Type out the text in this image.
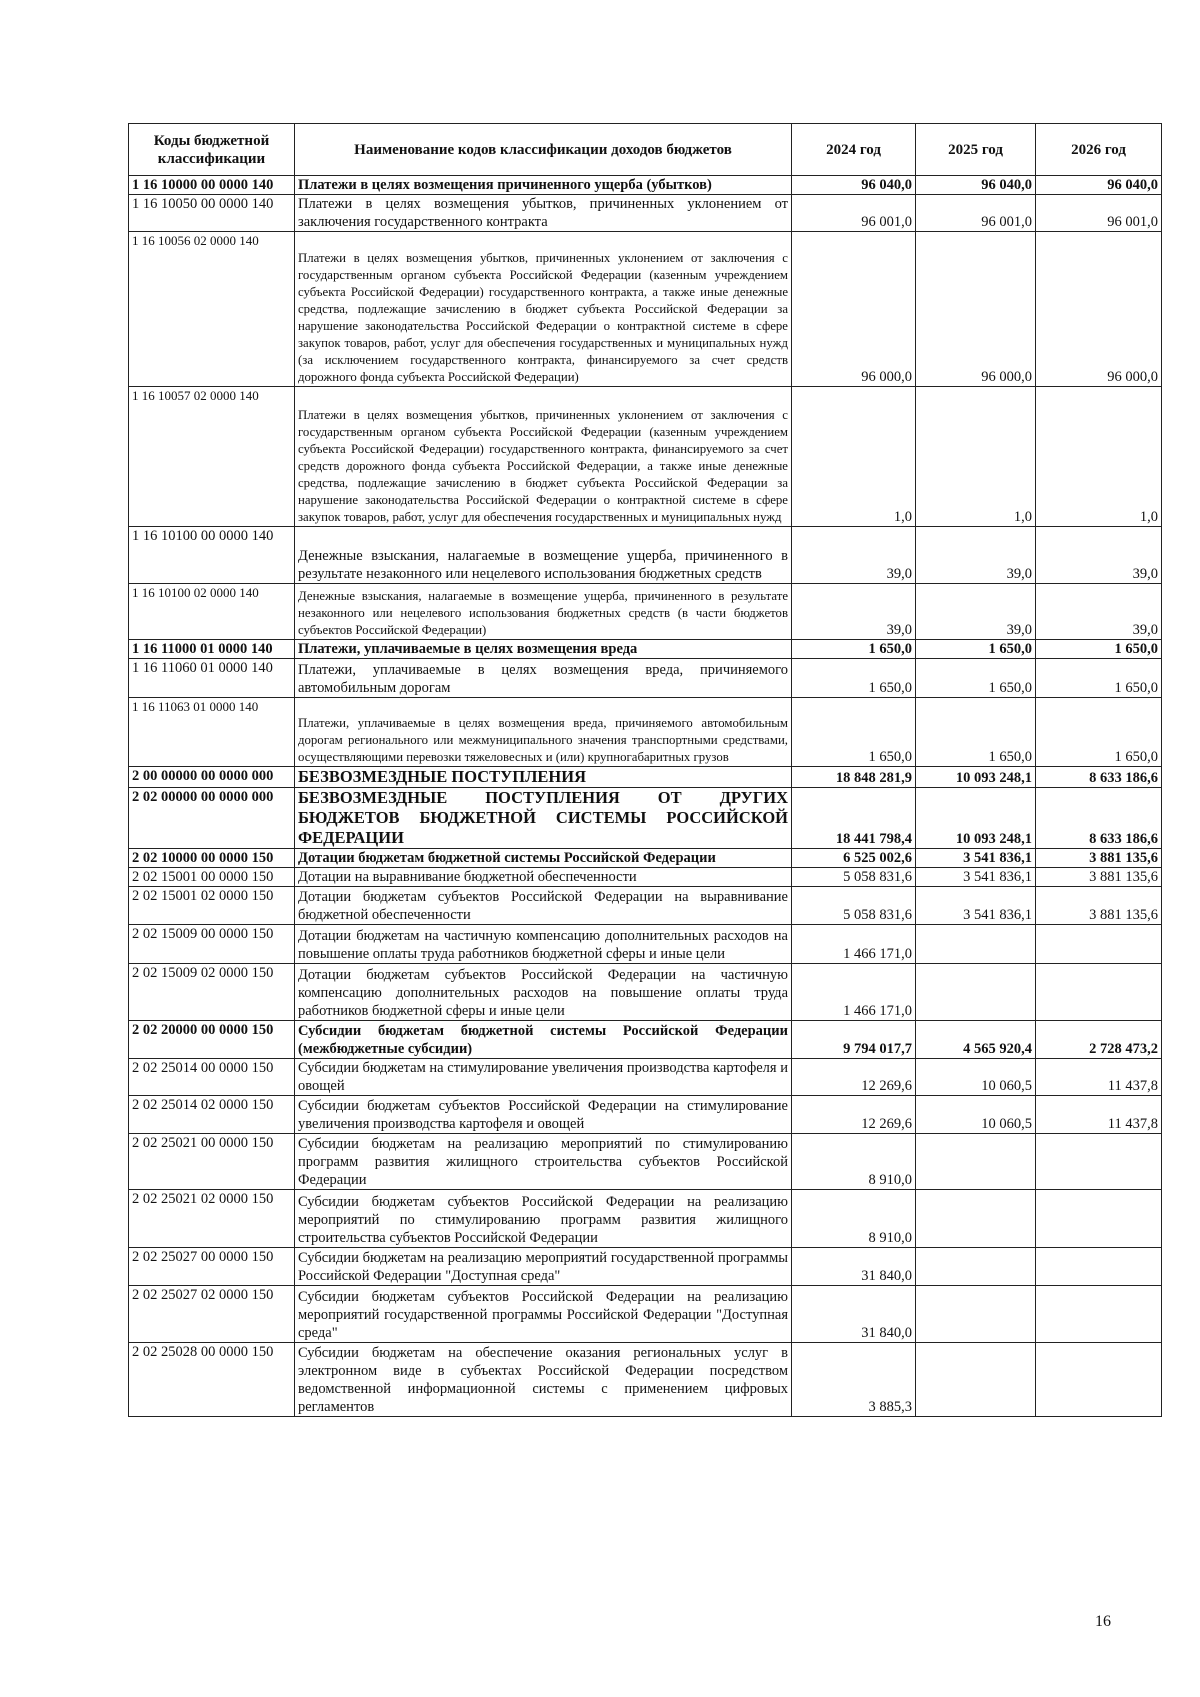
Коды бюджетной классификации	Наименование кодов классификации доходов бюджетов	2024 год	2025 год	2026 год
1 16 10000 00 0000 140	Платежи в целях возмещения причиненного ущерба (убытков)	96 040,0	96 040,0	96 040,0
1 16 10050 00 0000 140	Платежи в целях возмещения убытков, причиненных уклонением от заключения государственного контракта	96 001,0	96 001,0	96 001,0
1 16 10056 02 0000 140	Платежи в целях возмещения убытков, причиненных уклонением от заключения с государственным органом субъекта Российской Федерации (казенным учреждением субъекта Российской Федерации) государственного контракта, а также иные денежные средства, подлежащие зачислению в бюджет субъекта Российской Федерации за нарушение законодательства Российской Федерации о контрактной системе в сфере закупок товаров, работ, услуг для обеспечения государственных и муниципальных нужд (за исключением государственного контракта, финансируемого за счет средств дорожного фонда субъекта Российской Федерации)	96 000,0	96 000,0	96 000,0
1 16 10057 02 0000 140	Платежи в целях возмещения убытков, причиненных уклонением от заключения с государственным органом субъекта Российской Федерации (казенным учреждением субъекта Российской Федерации) государственного контракта, финансируемого за счет средств дорожного фонда субъекта Российской Федерации, а также иные денежные средства, подлежащие зачислению в бюджет субъекта Российской Федерации за нарушение законодательства Российской Федерации о контрактной системе в сфере закупок товаров, работ, услуг для обеспечения государственных и муниципальных нужд	1,0	1,0	1,0
1 16 10100 00 0000 140	Денежные взыскания, налагаемые в возмещение ущерба, причиненного в результате незаконного или нецелевого использования бюджетных средств	39,0	39,0	39,0
1 16 10100 02 0000 140	Денежные взыскания, налагаемые в возмещение ущерба, причиненного в результате незаконного или нецелевого использования бюджетных средств (в части бюджетов субъектов Российской Федерации)	39,0	39,0	39,0
1 16 11000 01 0000 140	Платежи, уплачиваемые в целях возмещения вреда	1 650,0	1 650,0	1 650,0
1 16 11060 01 0000 140	Платежи, уплачиваемые в целях возмещения вреда, причиняемого автомобильным дорогам	1 650,0	1 650,0	1 650,0
1 16 11063 01 0000 140	Платежи, уплачиваемые в целях возмещения вреда, причиняемого автомобильным дорогам регионального или межмуниципального значения транспортными средствами, осуществляющими перевозки тяжеловесных и (или) крупногабаритных грузов	1 650,0	1 650,0	1 650,0
2 00 00000 00 0000 000	БЕЗВОЗМЕЗДНЫЕ ПОСТУПЛЕНИЯ	18 848 281,9	10 093 248,1	8 633 186,6
2 02 00000 00 0000 000	БЕЗВОЗМЕЗДНЫЕ ПОСТУПЛЕНИЯ ОТ ДРУГИХ БЮДЖЕТОВ БЮДЖЕТНОЙ СИСТЕМЫ РОССИЙСКОЙ ФЕДЕРАЦИИ	18 441 798,4	10 093 248,1	8 633 186,6
2 02 10000 00 0000 150	Дотации бюджетам бюджетной системы Российской Федерации	6 525 002,6	3 541 836,1	3 881 135,6
2 02 15001 00 0000 150	Дотации на выравнивание бюджетной обеспеченности	5 058 831,6	3 541 836,1	3 881 135,6
2 02 15001 02 0000 150	Дотации бюджетам субъектов Российской Федерации на выравнивание бюджетной обеспеченности	5 058 831,6	3 541 836,1	3 881 135,6
2 02 15009 00 0000 150	Дотации бюджетам на частичную компенсацию дополнительных расходов на повышение оплаты труда работников бюджетной сферы и иные цели	1 466 171,0		
2 02 15009 02 0000 150	Дотации бюджетам субъектов Российской Федерации на частичную компенсацию дополнительных расходов на повышение оплаты труда работников бюджетной сферы и иные цели	1 466 171,0		
2 02 20000 00 0000 150	Субсидии бюджетам бюджетной системы Российской Федерации (межбюджетные субсидии)	9 794 017,7	4 565 920,4	2 728 473,2
2 02 25014 00 0000 150	Субсидии бюджетам на стимулирование увеличения производства картофеля и овощей	12 269,6	10 060,5	11 437,8
2 02 25014 02 0000 150	Субсидии бюджетам субъектов Российской Федерации на стимулирование увеличения производства картофеля и овощей	12 269,6	10 060,5	11 437,8
2 02 25021 00 0000 150	Субсидии бюджетам на реализацию мероприятий по стимулированию программ развития жилищного строительства субъектов Российской Федерации	8 910,0		
2 02 25021 02 0000 150	Субсидии бюджетам субъектов Российской Федерации на реализацию мероприятий по стимулированию программ развития жилищного строительства субъектов Российской Федерации	8 910,0		
2 02 25027 00 0000 150	Субсидии бюджетам на реализацию мероприятий государственной программы Российской Федерации "Доступная среда"	31 840,0		
2 02 25027 02 0000 150	Субсидии бюджетам субъектов Российской Федерации на реализацию мероприятий государственной программы Российской Федерации "Доступная среда"	31 840,0		
2 02 25028 00 0000 150	Субсидии бюджетам на обеспечение оказания региональных услуг в электронном виде в субъектах Российской Федерации посредством ведомственной информационной системы с применением цифровых регламентов	3 885,3		
16
